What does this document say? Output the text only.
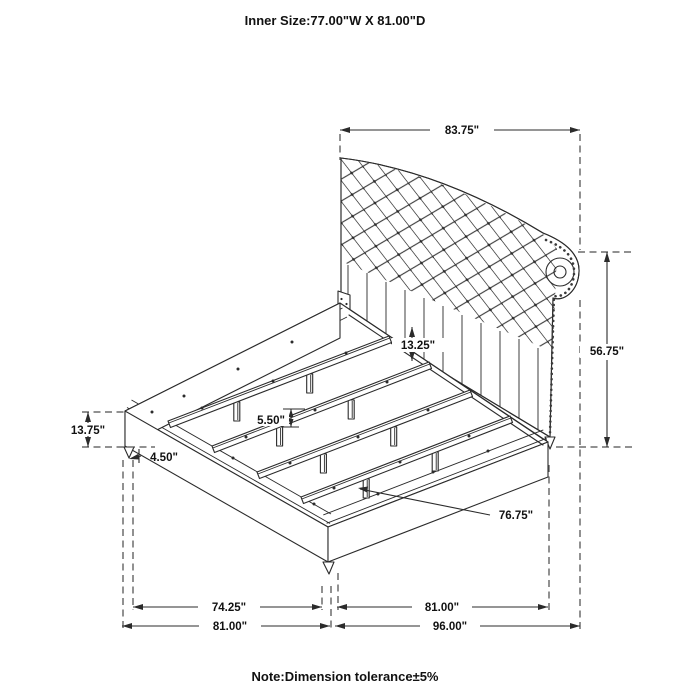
83.75"
56.75"
13.25"
5.50"
13.75"
4.50"
76.75"
74.25"	81.00"
81.00"	96.00"
Inner Size:77.00"W X 81.00"D
Note:Dimension tolerance±5%
